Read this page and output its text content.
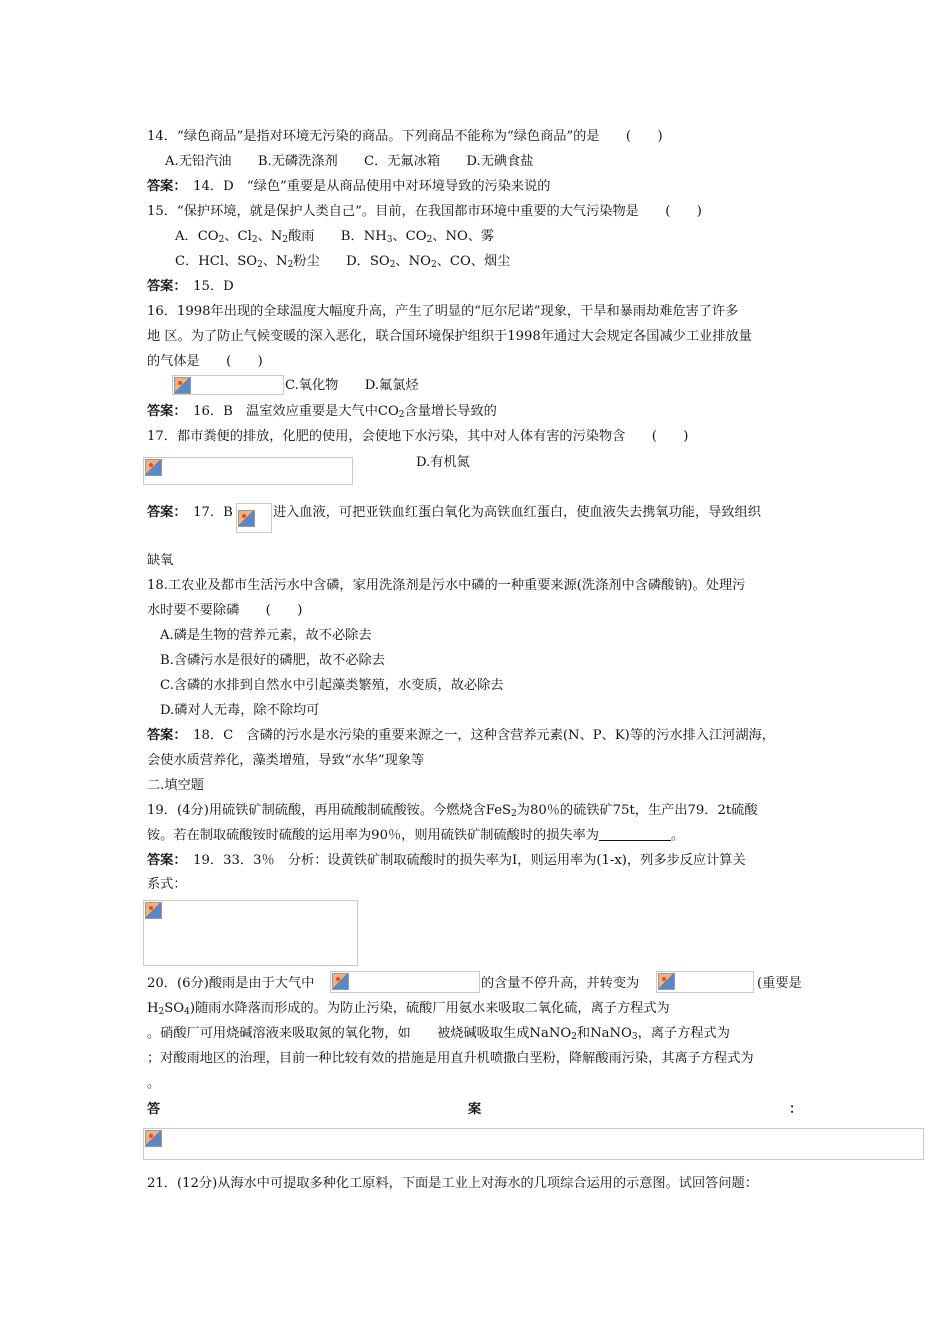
14．“绿色商品”是指对环境无污染的商品。下列商品不能称为“绿色商品”的是　　(　　)
A.无铅汽油　　B.无磷洗涤剂　　C．无氟冰箱　　D.无碘食盐
答案：　 14．D　“绿色”重要是从商品使用中对环境导致的污染来说的
15．“保护环境，就是保护人类自己”。目前，在我国都市环境中重要的大气污染物是　　(　　)
A．$CO_2$、$Cl_2$、$N_2$酸雨　　B．$NH_3$、$CO_2$、NO、雾
C．HCl、$SO_2$、$N_2$粉尘　　D．$SO_2$、$NO_2$、CO、烟尘
答案：　 15．D
16．1998年出现的全球温度大幅度升高，产生了明显的“厄尔尼诺”现象，干旱和暴雨劫难危害了许多
地 区。为了防止气候变暖的深入恶化，联合国环境保护组织于1998年通过大会规定各国减少工业排放量
的气体是　　(　　)
C.氧化物　　D.氟氯烃
答案：　 16．B　温室效应重要是大气中$CO_2$含量增长导致的
17．都市粪便的排放，化肥的使用，会使地下水污染，其中对人体有害的污染物含　　(　　)
D.有机氮
答案：　 17．B	进入血液，可把亚铁血红蛋白氧化为高铁血红蛋白，使血液失去携氧功能，导致组织
缺氧
18.工农业及都市生活污水中含磷，家用洗涤剂是污水中磷的一种重要来源(洗涤剂中含磷酸钠)。处理污
水时要不要除磷　　(　　)
A.磷是生物的营养元素，故不必除去
B.含磷污水是很好的磷肥，故不必除去
C.含磷的水排到自然水中引起藻类繁殖，水变质，故必除去
D.磷对人无毒，除不除均可
答案：　18．C　含磷的污水是水污染的重要来源之一，这种含营养元素(N、P、K)等的污水排入江河湖海，
会使水质营养化，藻类增殖，导致“水华”现象等
二.填空题
19．(4分)用硫铁矿制硫酸，再用硫酸制硫酸铵。今燃烧含FeS$_2$为80％的硫铁矿75t，生产出79．2t硫酸
铵。若在制取硫酸铵时硫酸的运用率为90％，则用硫铁矿制硫酸时的损失率为	。
答案：　 19．33．3％　分析：设黄铁矿制取硫酸时的损失率为I，则运用率为(1-x)，列多步反应计算关
系式：
20．(6分)酸雨是由于大气中	的含量不停升高，并转变为	(重要是
$H_2SO_4$)随雨水降落而形成的。为防止污染，硫酸厂用氨水来吸取二氧化硫，离子方程式为
。硝酸厂可用烧碱溶液来吸取氮的氧化物，如　　被烧碱吸取生成NaNO$_2$和NaNO$_3$，离子方程式为
；对酸雨地区的治理，目前一种比较有效的措施是用直升机喷撒白垩粉，降解酸雨污染，其离子方程式为
。
答	案	：
21．(12分)从海水中可提取多种化工原料，下面是工业上对海水的几项综合运用的示意图。试回答问题：
